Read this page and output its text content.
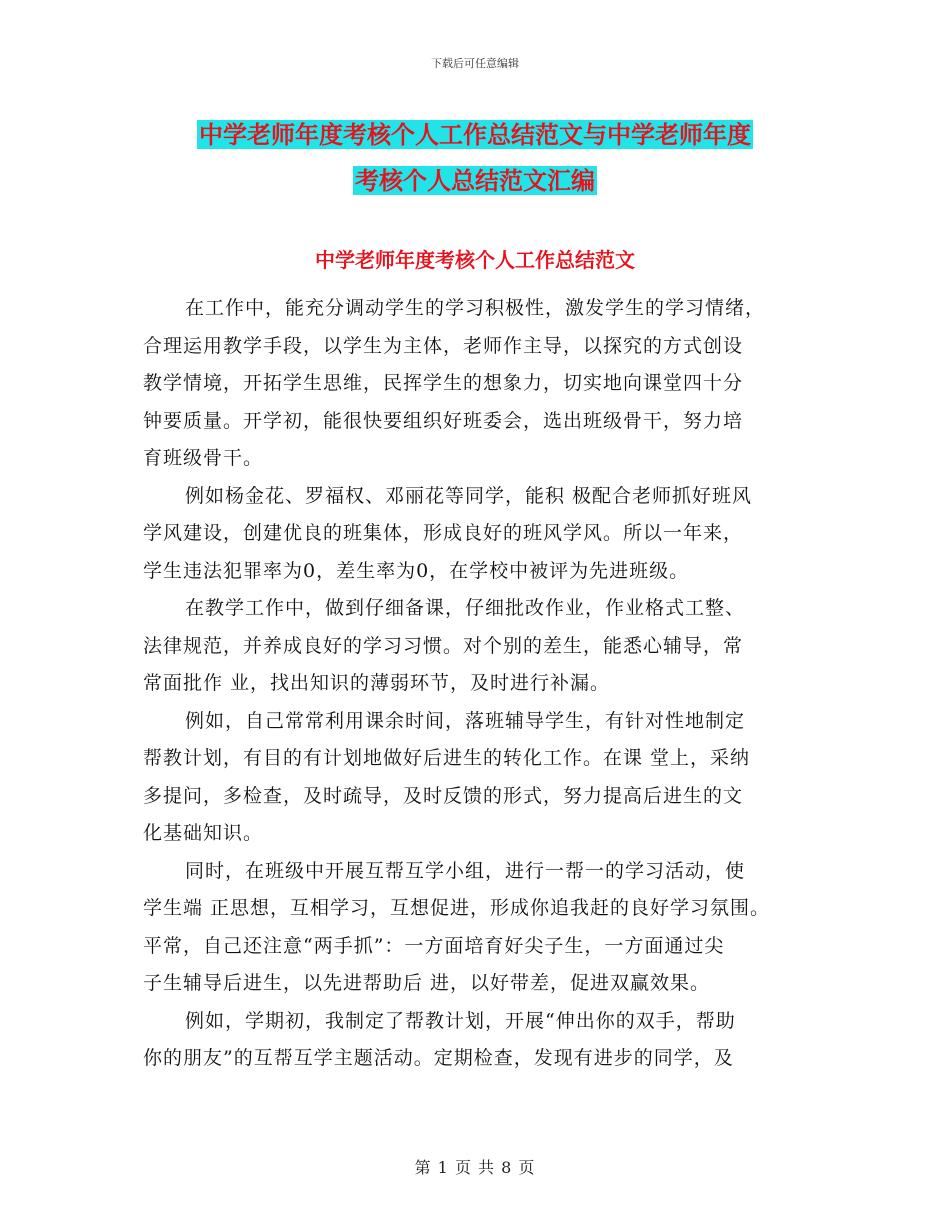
下载后可任意编辑
中学老师年度考核个人工作总结范文与中学老师年度
考核个人总结范文汇编
中学老师年度考核个人工作总结范文

在工作中，能充分调动学生的学习积极性，激发学生的学习情绪，
合理运用教学手段，以学生为主体，老师作主导，以探究的方式创设
教学情境，开拓学生思维，民挥学生的想象力，切实地向课堂四十分
钟要质量。开学初，能很快要组织好班委会，选出班级骨干，努力培
育班级骨干。

例如杨金花、罗福权、邓丽花等同学，能积 极配合老师抓好班风
学风建设，创建优良的班集体，形成良好的班风学风。所以一年来，
学生违法犯罪率为0，差生率为0，在学校中被评为先进班级。

在教学工作中，做到仔细备课，仔细批改作业，作业格式工整、
法律规范，并养成良好的学习习惯。对个别的差生，能悉心辅导，常
常面批作 业，找出知识的薄弱环节，及时进行补漏。

例如，自己常常利用课余时间，落班辅导学生，有针对性地制定
帮教计划，有目的有计划地做好后进生的转化工作。在课 堂上，采纳
多提问，多检查，及时疏导，及时反馈的形式，努力提高后进生的文
化基础知识。

同时，在班级中开展互帮互学小组，进行一帮一的学习活动，使
学生端 正思想，互相学习，互想促进，形成你追我赶的良好学习氛围。
平常，自己还注意“两手抓”：一方面培育好尖子生，一方面通过尖
子生辅导后进生，以先进帮助后 进，以好带差，促进双赢效果。

例如，学期初，我制定了帮教计划，开展“伸出你的双手，帮助
你的朋友”的互帮互学主题活动。定期检查，发现有进步的同学，及

第 1 页 共 8 页
